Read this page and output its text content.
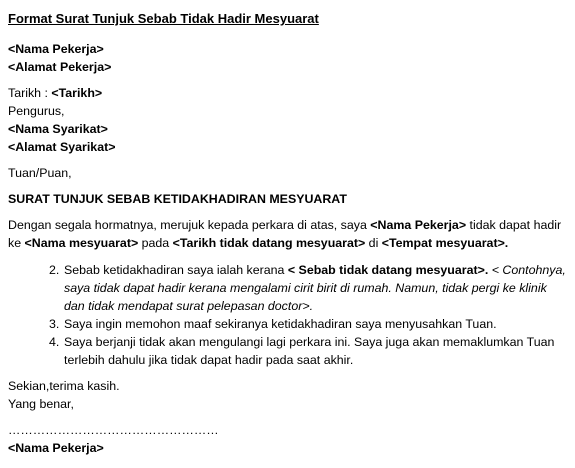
Format Surat Tunjuk Sebab Tidak Hadir Mesyuarat
<Nama Pekerja>
<Alamat Pekerja>
Tarikh : <Tarikh>
Pengurus,
<Nama Syarikat>
<Alamat Syarikat>
Tuan/Puan,
SURAT TUNJUK SEBAB KETIDAKHADIRAN MESYUARAT
Dengan segala hormatnya, merujuk kepada perkara di atas, saya <Nama Pekerja> tidak dapat hadir
ke <Nama mesyuarat> pada <Tarikh tidak datang mesyuarat> di <Tempat mesyuarat>.
2. Sebab ketidakhadiran saya ialah kerana < Sebab tidak datang mesyuarat>. < Contohnya,
saya tidak dapat hadir kerana mengalami cirit birit di rumah. Namun, tidak pergi ke klinik
dan tidak mendapat surat pelepasan doctor>.
3. Saya ingin memohon maaf sekiranya ketidakhadiran saya menyusahkan Tuan.
4. Saya berjanji tidak akan mengulangi lagi perkara ini. Saya juga akan memaklumkan Tuan
terlebih dahulu jika tidak dapat hadir pada saat akhir.
Sekian,terima kasih.
Yang benar,
……………………………………………
<Nama Pekerja>
